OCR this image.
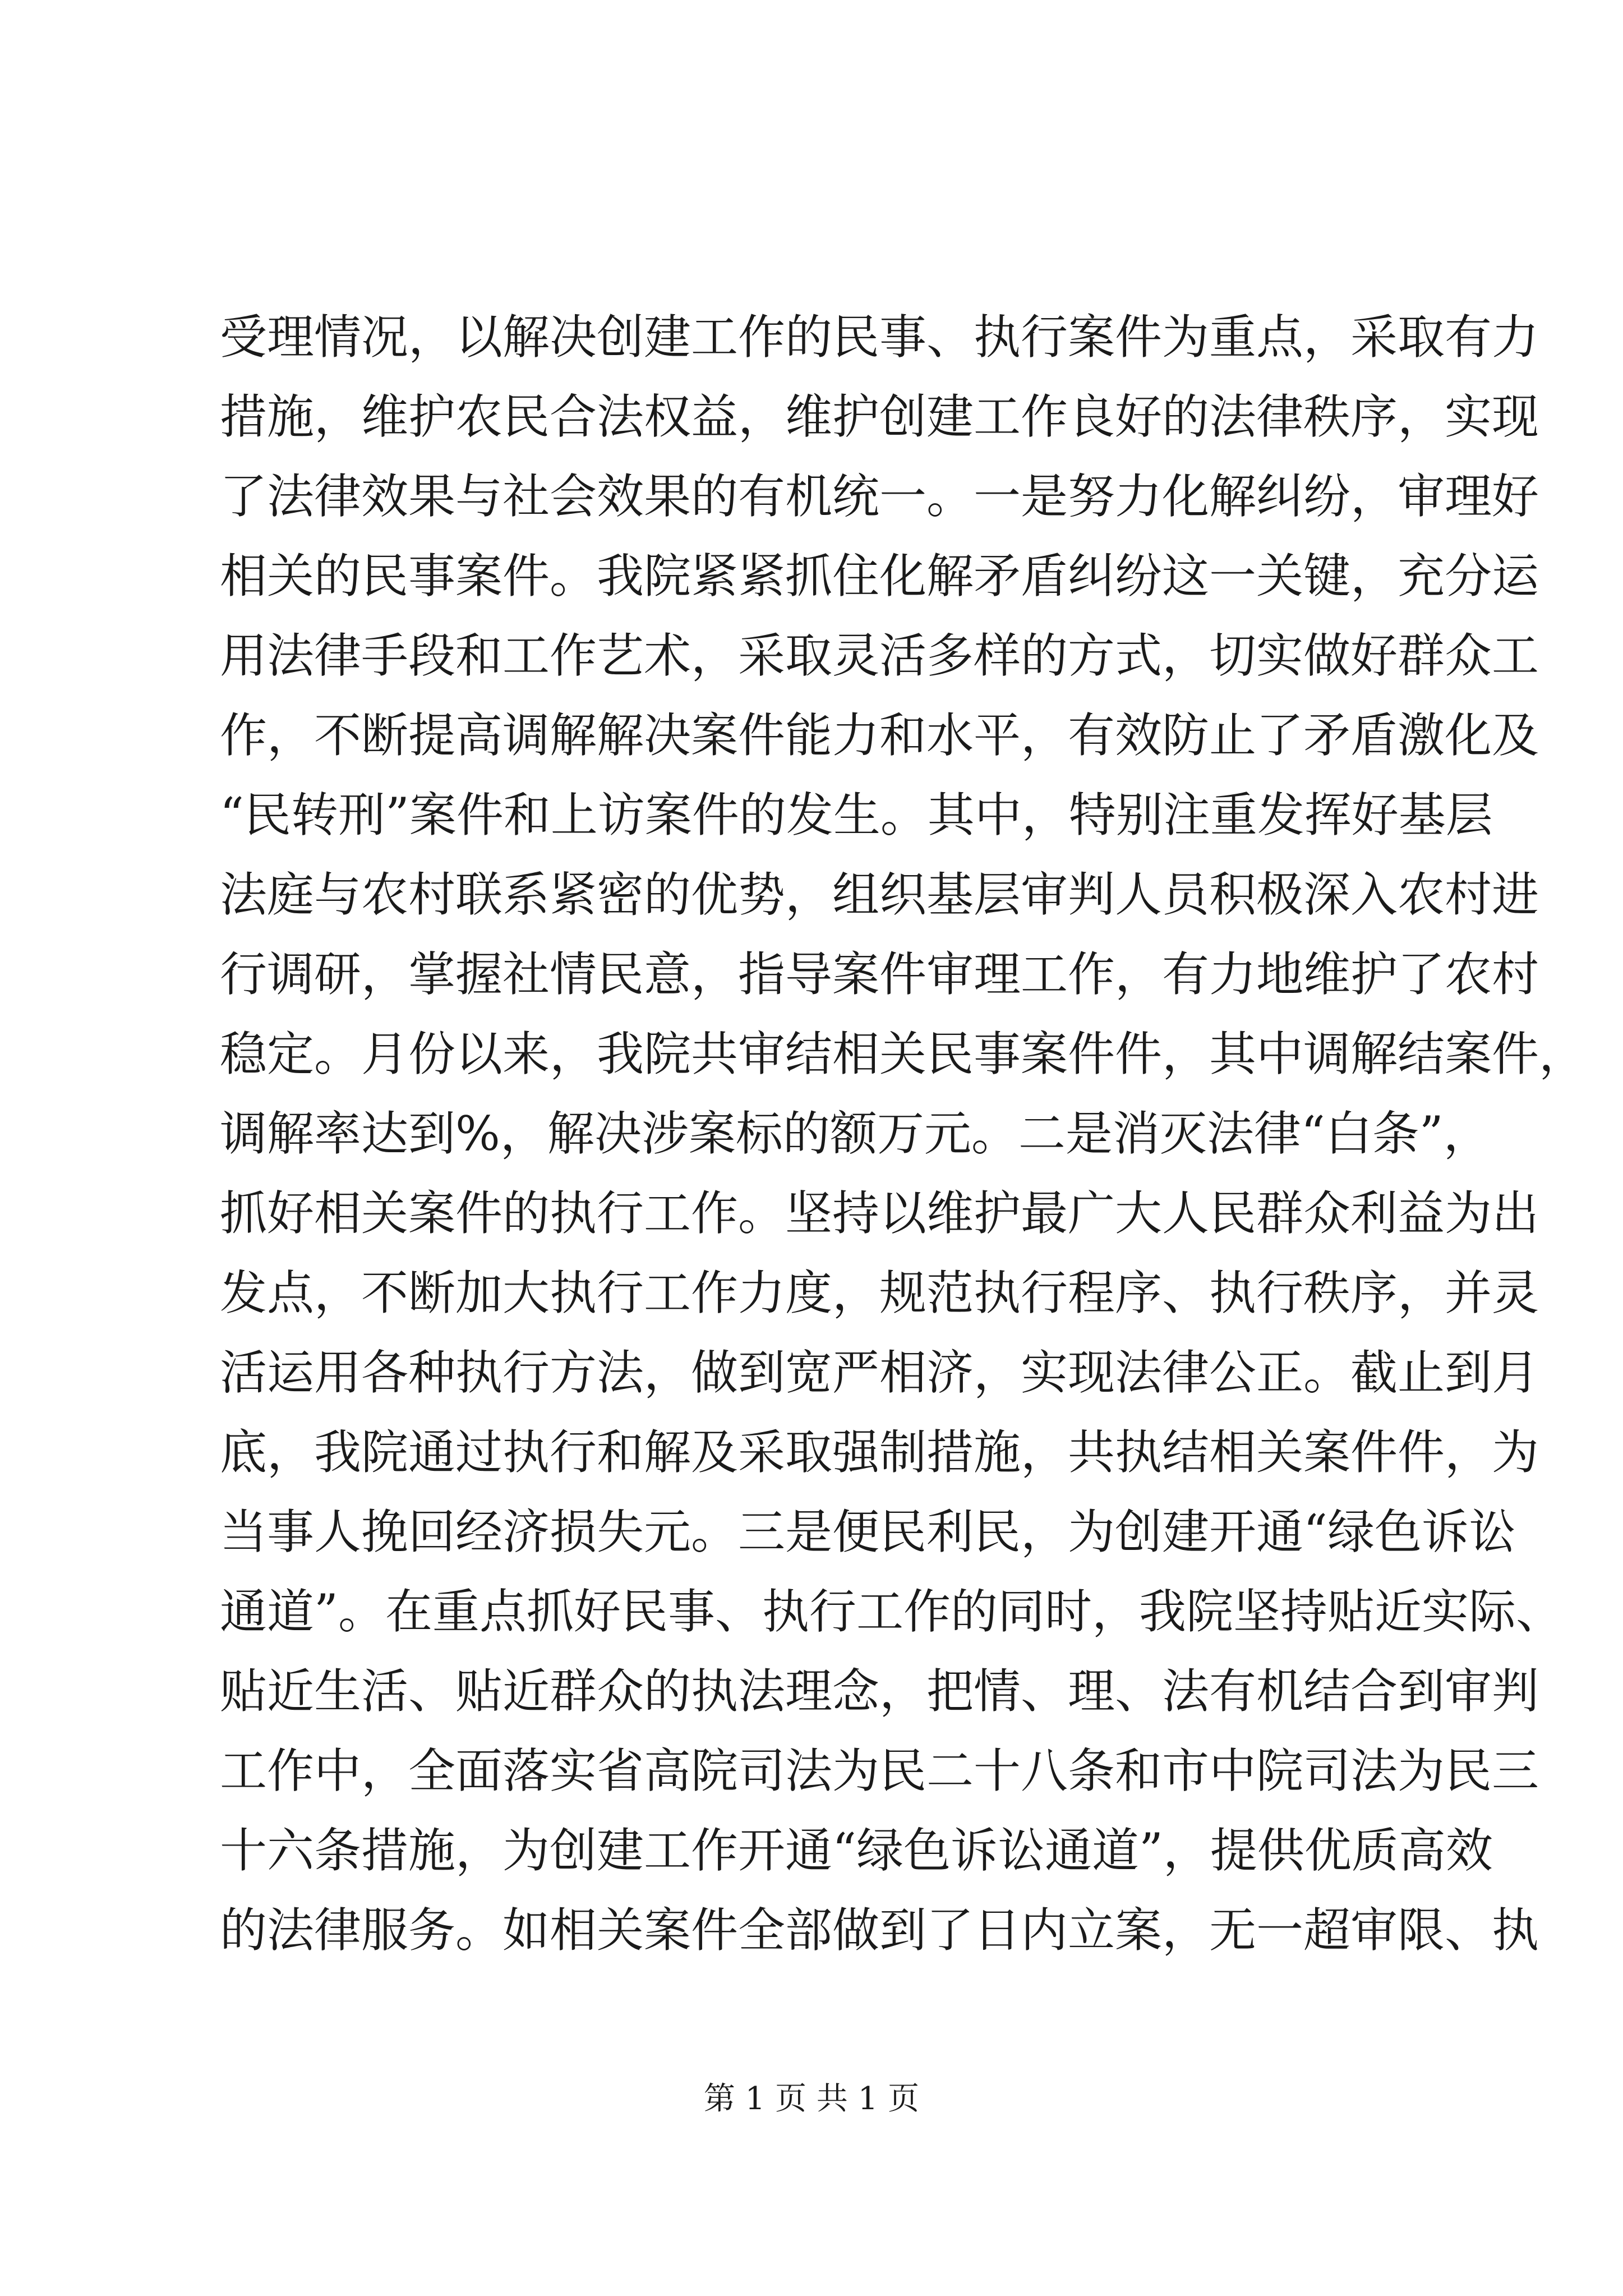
受理情况，以解决创建工作的民事、执行案件为重点，采取有力
措施，维护农民合法权益，维护创建工作良好的法律秩序，实现
了法律效果与社会效果的有机统一。一是努力化解纠纷，审理好
相关的民事案件。我院紧紧抓住化解矛盾纠纷这一关键，充分运
用法律手段和工作艺术，采取灵活多样的方式，切实做好群众工
作，不断提高调解解决案件能力和水平，有效防止了矛盾激化及
“民转刑”案件和上访案件的发生。其中，特别注重发挥好基层
法庭与农村联系紧密的优势，组织基层审判人员积极深入农村进
行调研，掌握社情民意，指导案件审理工作，有力地维护了农村
稳定。月份以来，我院共审结相关民事案件件，其中调解结案件，
调解率达到%，解决涉案标的额万元。二是消灭法律“白条”，
抓好相关案件的执行工作。坚持以维护最广大人民群众利益为出
发点，不断加大执行工作力度，规范执行程序、执行秩序，并灵
活运用各种执行方法，做到宽严相济，实现法律公正。截止到月
底，我院通过执行和解及采取强制措施，共执结相关案件件，为
当事人挽回经济损失元。三是便民利民，为创建开通“绿色诉讼
通道”。在重点抓好民事、执行工作的同时，我院坚持贴近实际、
贴近生活、贴近群众的执法理念，把情、理、法有机结合到审判
工作中，全面落实省高院司法为民二十八条和市中院司法为民三
十六条措施，为创建工作开通“绿色诉讼通道”，提供优质高效
的法律服务。如相关案件全部做到了日内立案，无一超审限、执

第 1 页 共 1 页
